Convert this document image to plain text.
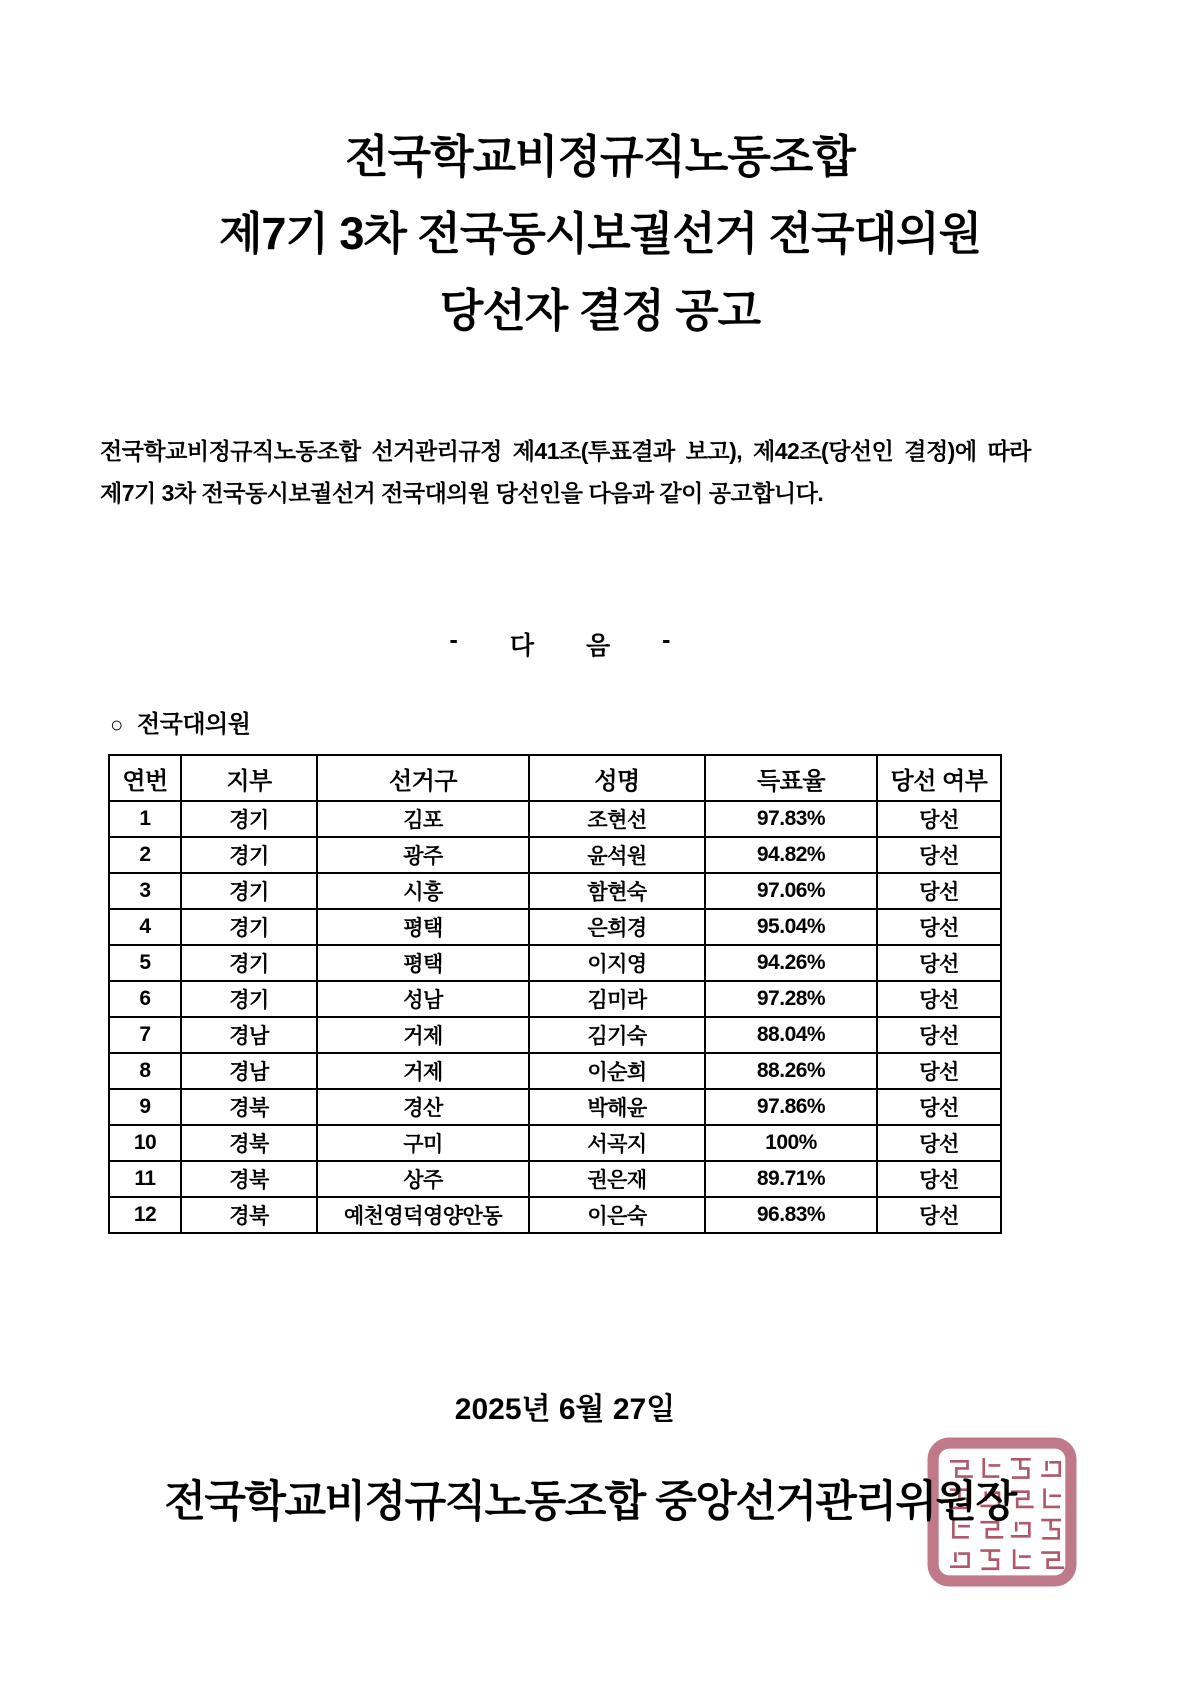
전국학교비정규직노동조합
제7기 3차 전국동시보궐선거 전국대의원
당선자 결정 공고
전국학교비정규직노동조합 선거관리규정 제41조(투표결과 보고), 제42조(당선인 결정)에 따라
제7기 3차 전국동시보궐선거 전국대의원 당선인을 다음과 같이 공고합니다.
- 다 음 -
○ 전국대의원
연번	지부	선거구	성명	득표율	당선 여부
1	경기	김포	조현선	97.83%	당선
2	경기	광주	윤석원	94.82%	당선
3	경기	시흥	함현숙	97.06%	당선
4	경기	평택	은희경	95.04%	당선
5	경기	평택	이지영	94.26%	당선
6	경기	성남	김미라	97.28%	당선
7	경남	거제	김기숙	88.04%	당선
8	경남	거제	이순희	88.26%	당선
9	경북	경산	박해윤	97.86%	당선
10	경북	구미	서곡지	100%	당선
11	경북	상주	권은재	89.71%	당선
12	경북	예천영덕영양안동	이은숙	96.83%	당선
2025년 6월 27일
전국학교비정규직노동조합 중앙선거관리위원장
